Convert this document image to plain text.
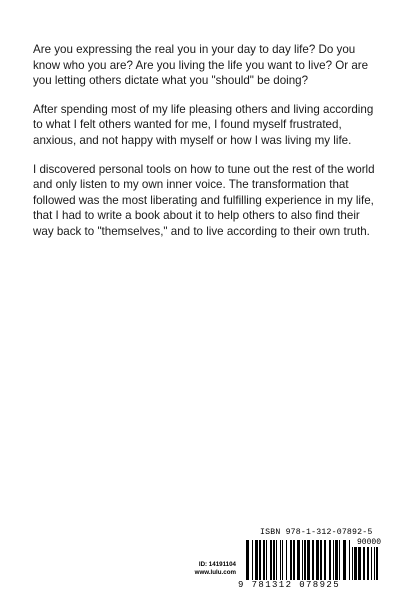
Are you expressing the real you in your day to day life? Do you know who you are? Are you living the life you want to live? Or are you letting others dictate what you "should" be doing?

After spending most of my life pleasing others and living according to what I felt others wanted for me, I found myself frustrated, anxious, and not happy with myself or how I was living my life.

I discovered personal tools on how to tune out the rest of the world and only listen to my own inner voice. The transformation that followed was the most liberating and fulfilling experience in my life, that I had to write a book about it to help others to also find their way back to "themselves," and to live according to their own truth.

ID: 14191104
www.lulu.com
ISBN 978-1-312-07892-5
90000
9 781312 078925
